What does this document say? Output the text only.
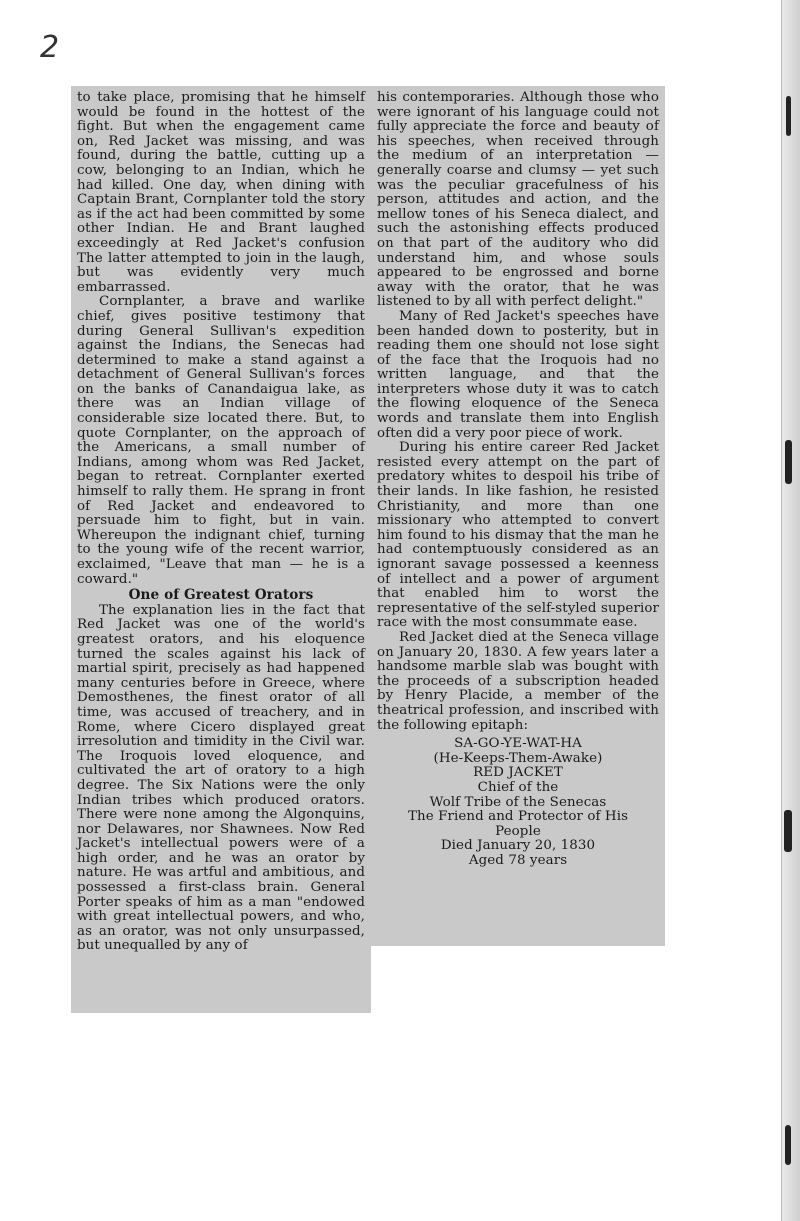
2

to take place, promising that he himself would be found in the hottest of the fight. But when the engagement came on, Red Jacket was missing, and was found, during the battle, cutting up a cow, belonging to an Indian, which he had killed. One day, when dining with Captain Brant, Cornplanter told the story as if the act had been committed by some other Indian. He and Brant laughed exceedingly at Red Jacket's confusion The latter attempted to join in the laugh, but was evidently very much embarrassed.

Cornplanter, a brave and warlike chief, gives positive testimony that during General Sullivan's expedition against the Indians, the Senecas had determined to make a stand against a detachment of General Sullivan's forces on the banks of Canandaigua lake, as there was an Indian village of considerable size located there. But, to quote Cornplanter, on the approach of the Americans, a small number of Indians, among whom was Red Jacket, began to retreat. Cornplanter exerted himself to rally them. He sprang in front of Red Jacket and endeavored to persuade him to fight, but in vain. Whereupon the indignant chief, turning to the young wife of the recent warrior, exclaimed, "Leave that man — he is a coward."

One of Greatest Orators

The explanation lies in the fact that Red Jacket was one of the world's greatest orators, and his eloquence turned the scales against his lack of martial spirit, precisely as had happened many centuries before in Greece, where Demosthenes, the finest orator of all time, was accused of treachery, and in Rome, where Cicero displayed great irresolution and timidity in the Civil war. The Iroquois loved eloquence, and cultivated the art of oratory to a high degree. The Six Nations were the only Indian tribes which produced orators. There were none among the Algonquins, nor Delawares, nor Shawnees. Now Red Jacket's intellectual powers were of a high order, and he was an orator by nature. He was artful and ambitious, and possessed a first-class brain. General Porter speaks of him as a man "endowed with great intellectual powers, and who, as an orator, was not only unsurpassed, but unequalled by any of

his contemporaries. Although those who were ignorant of his language could not fully appreciate the force and beauty of his speeches, when received through the medium of an interpretation — generally coarse and clumsy — yet such was the peculiar gracefulness of his person, attitudes and action, and the mellow tones of his Seneca dialect, and such the astonishing effects produced on that part of the auditory who did understand him, and whose souls appeared to be engrossed and borne away with the orator, that he was listened to by all with perfect delight."

Many of Red Jacket's speeches have been handed down to posterity, but in reading them one should not lose sight of the face that the Iroquois had no written language, and that the interpreters whose duty it was to catch the flowing eloquence of the Seneca words and translate them into English often did a very poor piece of work.

During his entire career Red Jacket resisted every attempt on the part of predatory whites to despoil his tribe of their lands. In like fashion, he resisted Christianity, and more than one missionary who attempted to convert him found to his dismay that the man he had contemptuously considered as an ignorant savage possessed a keenness of intellect and a power of argument that enabled him to worst the representative of the self-styled superior race with the most consummate ease.

Red Jacket died at the Seneca village on January 20, 1830. A few years later a handsome marble slab was bought with the proceeds of a subscription headed by Henry Placide, a member of the theatrical profession, and inscribed with the following epitaph:

SA-GO-YE-WAT-HA
(He-Keeps-Them-Awake)
RED JACKET
Chief of the
Wolf Tribe of the Senecas
The Friend and Protector of His
People
Died January 20, 1830
Aged 78 years
